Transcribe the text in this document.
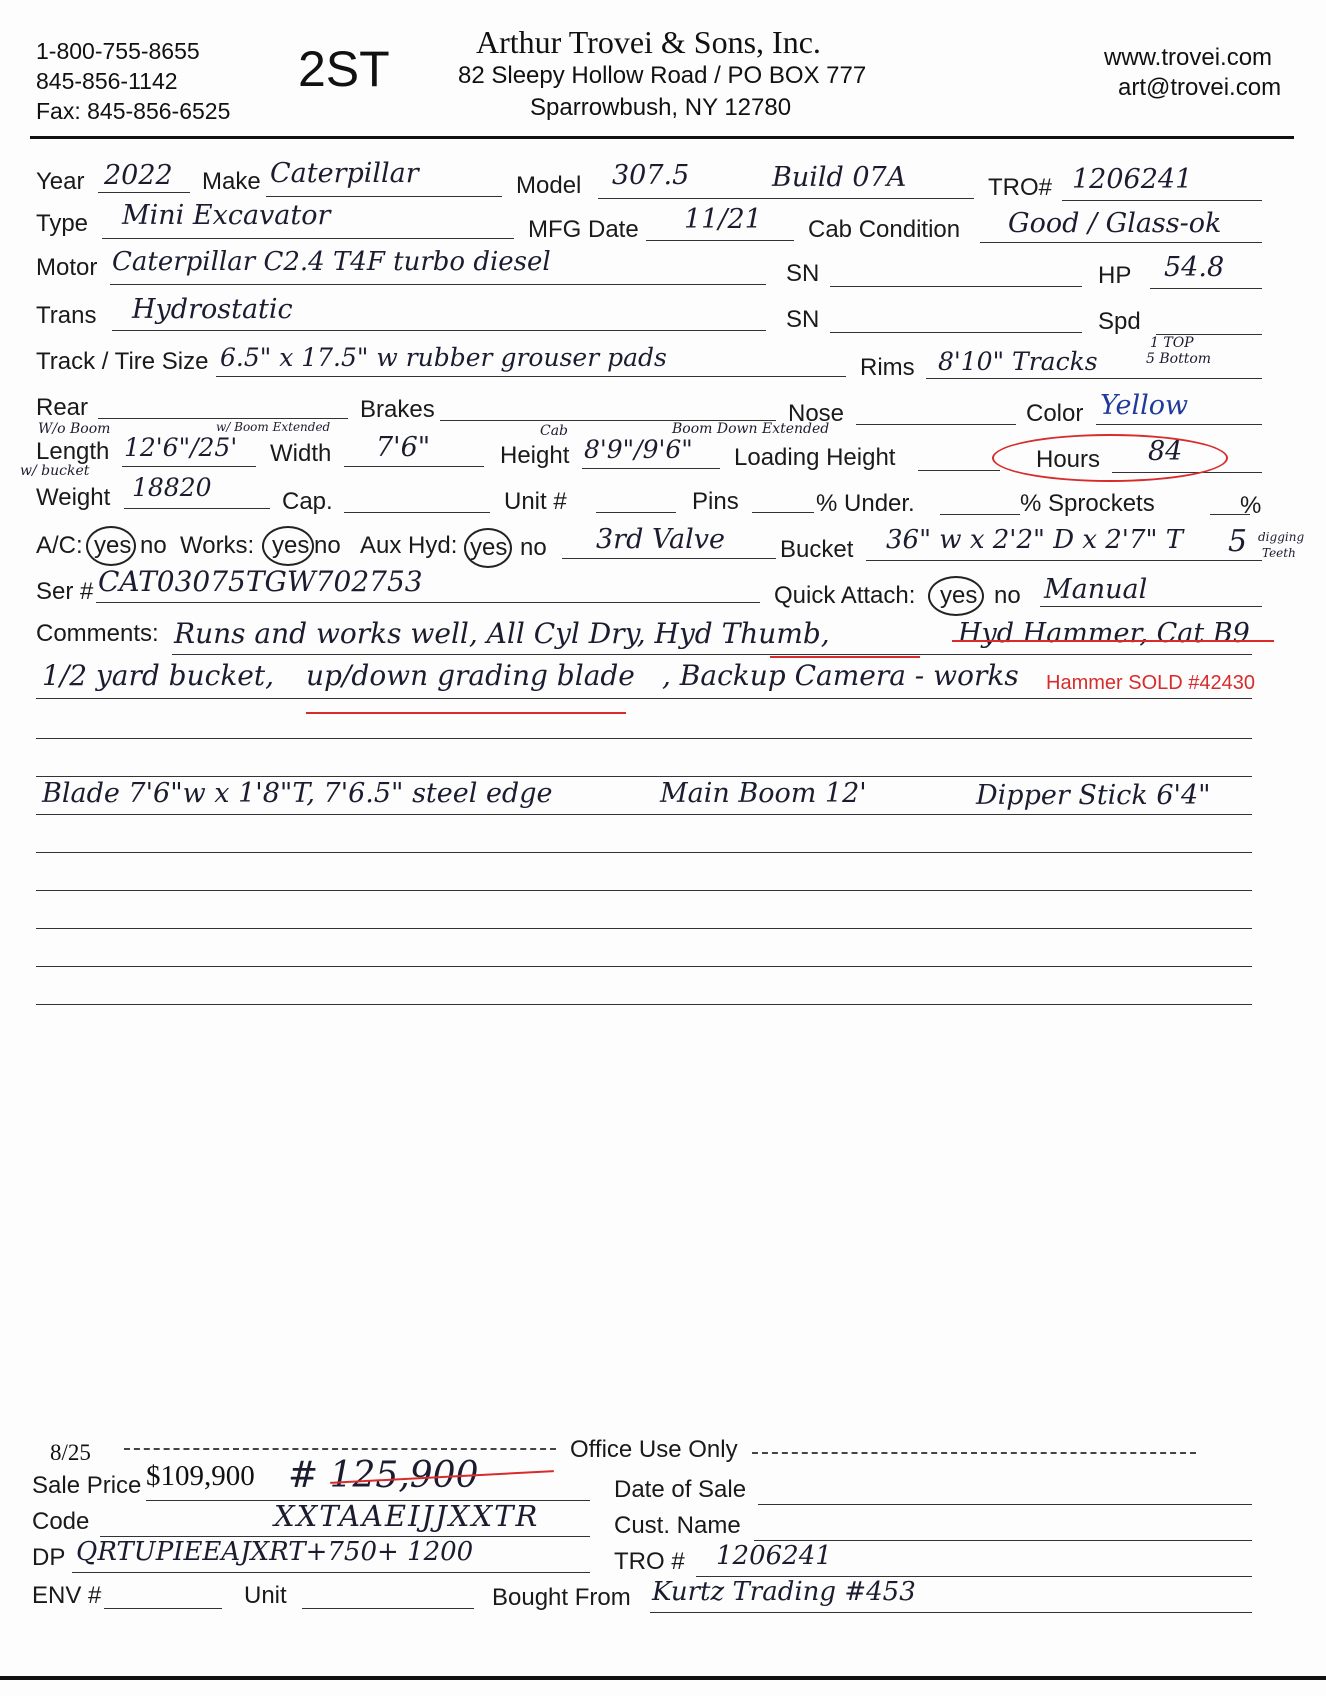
1-800-755-8655
845-856-1142
Fax: 845-856-6525
2ST	Arthur Trovei & Sons, Inc.
82 Sleepy Hollow Road / PO BOX 777
Sparrowbush, NY 12780
www.trovei.com
art@trovei.com
Year 2022 Make Caterpillar	Model 307.5	Build 07A	TRO# 1206241
Type Mini Excavator	MFG Date 11/21 Cab Condition Good / Glass-ok
Motor Caterpillar C2.4 T4F turbo diesel	SN	HP 54.8
Trans Hydrostatic	SN	Spd
Track / Tire Size 6.5" x 17.5" w rubber grouser pads	Rims 8'10" Tracks
1 TOP
5 Bottom
Rear	Brakes	Nose	Color Yellow
W/o Boom
Length
w/ bucket
12'6"/25'
w/ Boom Extended
Width 7'6"
Cab
Height 8'9"/9'6"
Boom Down Extended
Loading Height	Hours 84
Weight 18820	Cap.	Unit #	Pins	% Under.	% Sprockets	%
A/C: yes no Works: yes no Aux Hyd: yes no 3rd Valve Bucket 36" w x 2'2" D x 2'7" T 5 digging
Teeth
Ser # CAT03075TGW702753	Quick Attach: yes no Manual
Comments: Runs and works well, All Cyl Dry, Hyd Thumb,	Hyd Hammer, Cat B9
1/2 yard bucket, up/down grading blade , Backup Camera - works Hammer SOLD #42430
Blade 7'6"w x 1'8"T, 7'6.5" steel edge	Main Boom 12'	Dipper Stick 6'4"
8/25	Office Use Only
Sale Price $109,900 # 125,900	Date of Sale
Code	XXTAAEIJJXXTR	Cust. Name
DP QRTUPIEEAJXRT+750+ 1200	TRO # 1206241
ENV #	Unit	Bought From Kurtz Trading #453
